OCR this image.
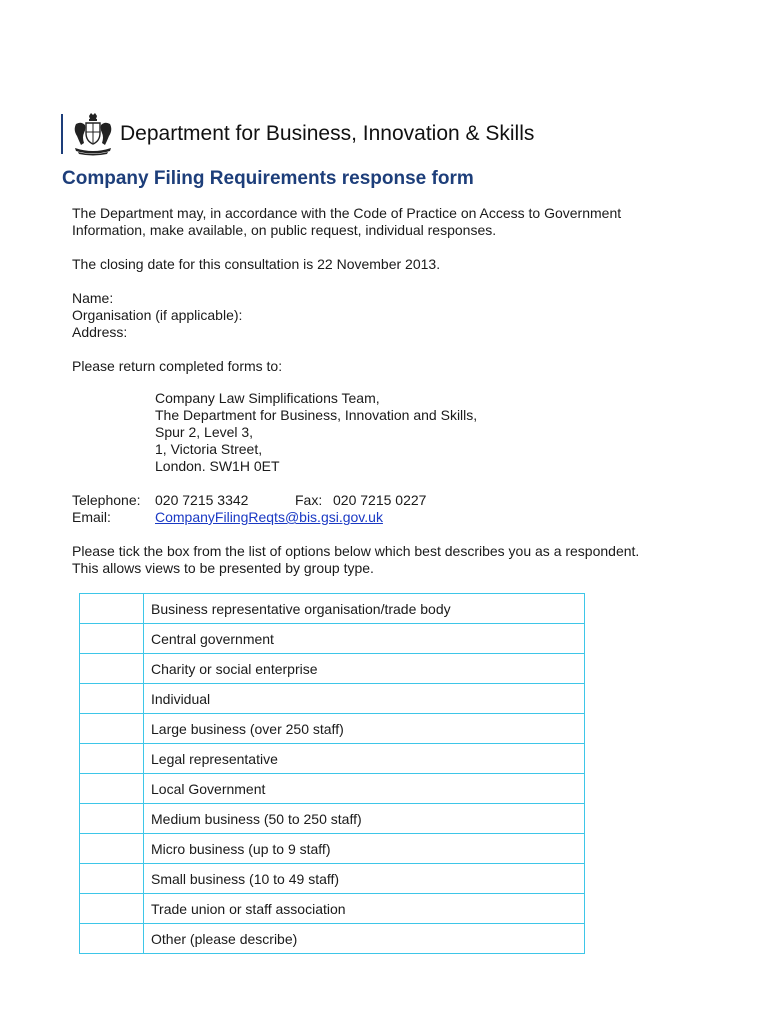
Department for Business, Innovation & Skills
Company Filing Requirements response form
The Department may, in accordance with the Code of Practice on Access to Government
Information, make available, on public request, individual responses.
The closing date for this consultation is 22 November 2013.
Name:
Organisation (if applicable):
Address:
Please return completed forms to:
Company Law Simplifications Team,
The Department for Business, Innovation and Skills,
Spur 2, Level 3,
1, Victoria Street,
London. SW1H 0ET
Telephone: 020 7215 3342	Fax: 020 7215 0227
Email:	CompanyFilingReqts@bis.gsi.gov.uk
Please tick the box from the list of options below which best describes you as a respondent.
This allows views to be presented by group type.
	Business representative organisation/trade body
	Central government
	Charity or social enterprise
	Individual
	Large business (over 250 staff)
	Legal representative
	Local Government
	Medium business (50 to 250 staff)
	Micro business (up to 9 staff)
	Small business (10 to 49 staff)
	Trade union or staff association
	Other (please describe)
